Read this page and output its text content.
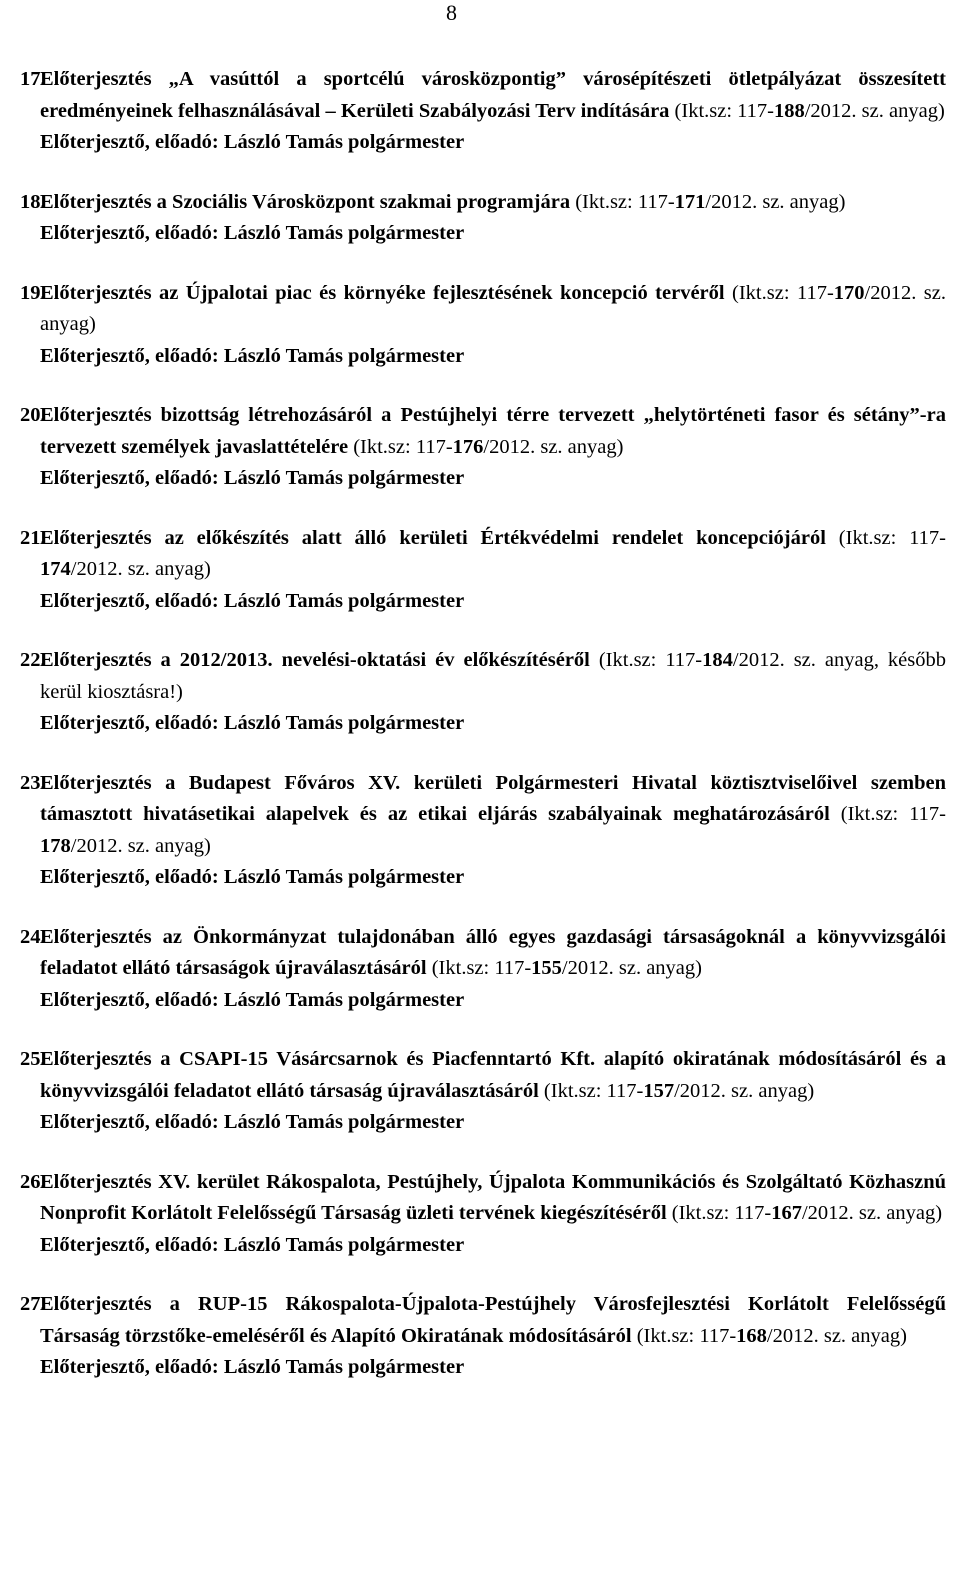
8
17.
Előterjesztés „A vasúttól a sportcélú városközpontig” városépítészeti ötletpályázat összesített eredményeinek felhasználásával – Kerületi Szabályozási Terv indítására (Ikt.sz: 117-188/2012. sz. anyag)
Előterjesztő, előadó: László Tamás polgármester
18.
Előterjesztés a Szociális Városközpont szakmai programjára (Ikt.sz: 117-171/2012. sz. anyag)
Előterjesztő, előadó: László Tamás polgármester
19.
Előterjesztés az Újpalotai piac és környéke fejlesztésének koncepció tervéről (Ikt.sz: 117-170/2012. sz. anyag)
Előterjesztő, előadó: László Tamás polgármester
20.
Előterjesztés bizottság létrehozásáról a Pestújhelyi térre tervezett „helytörténeti fasor és sétány”-ra tervezett személyek javaslattételére (Ikt.sz: 117-176/2012. sz. anyag)
Előterjesztő, előadó: László Tamás polgármester
21.
Előterjesztés az előkészítés alatt álló kerületi Értékvédelmi rendelet koncepciójáról (Ikt.sz: 117-174/2012. sz. anyag)
Előterjesztő, előadó: László Tamás polgármester
22.
Előterjesztés a 2012/2013. nevelési-oktatási év előkészítéséről (Ikt.sz: 117-184/2012. sz. anyag, később kerül kiosztásra!)
Előterjesztő, előadó: László Tamás polgármester
23.
Előterjesztés a Budapest Főváros XV. kerületi Polgármesteri Hivatal köztisztviselőivel szemben támasztott hivatásetikai alapelvek és az etikai eljárás szabályainak meghatározásáról (Ikt.sz: 117-178/2012. sz. anyag)
Előterjesztő, előadó: László Tamás polgármester
24.
Előterjesztés az Önkormányzat tulajdonában álló egyes gazdasági társaságoknál a könyvvizsgálói feladatot ellátó társaságok újraválasztásáról (Ikt.sz: 117-155/2012. sz. anyag)
Előterjesztő, előadó: László Tamás polgármester
25.
Előterjesztés a CSAPI-15 Vásárcsarnok és Piacfenntartó Kft. alapító okiratának módosításáról és a könyvvizsgálói feladatot ellátó társaság újraválasztásáról (Ikt.sz: 117-157/2012. sz. anyag)
Előterjesztő, előadó: László Tamás polgármester
26.
Előterjesztés XV. kerület Rákospalota, Pestújhely, Újpalota Kommunikációs és Szolgáltató Közhasznú Nonprofit Korlátolt Felelősségű Társaság üzleti tervének kiegészítéséről (Ikt.sz: 117-167/2012. sz. anyag)
Előterjesztő, előadó: László Tamás polgármester
27.
Előterjesztés a RUP-15 Rákospalota-Újpalota-Pestújhely Városfejlesztési Korlátolt Felelősségű Társaság törzstőke-emeléséről és Alapító Okiratának módosításáról (Ikt.sz: 117-168/2012. sz. anyag)
Előterjesztő, előadó: László Tamás polgármester
